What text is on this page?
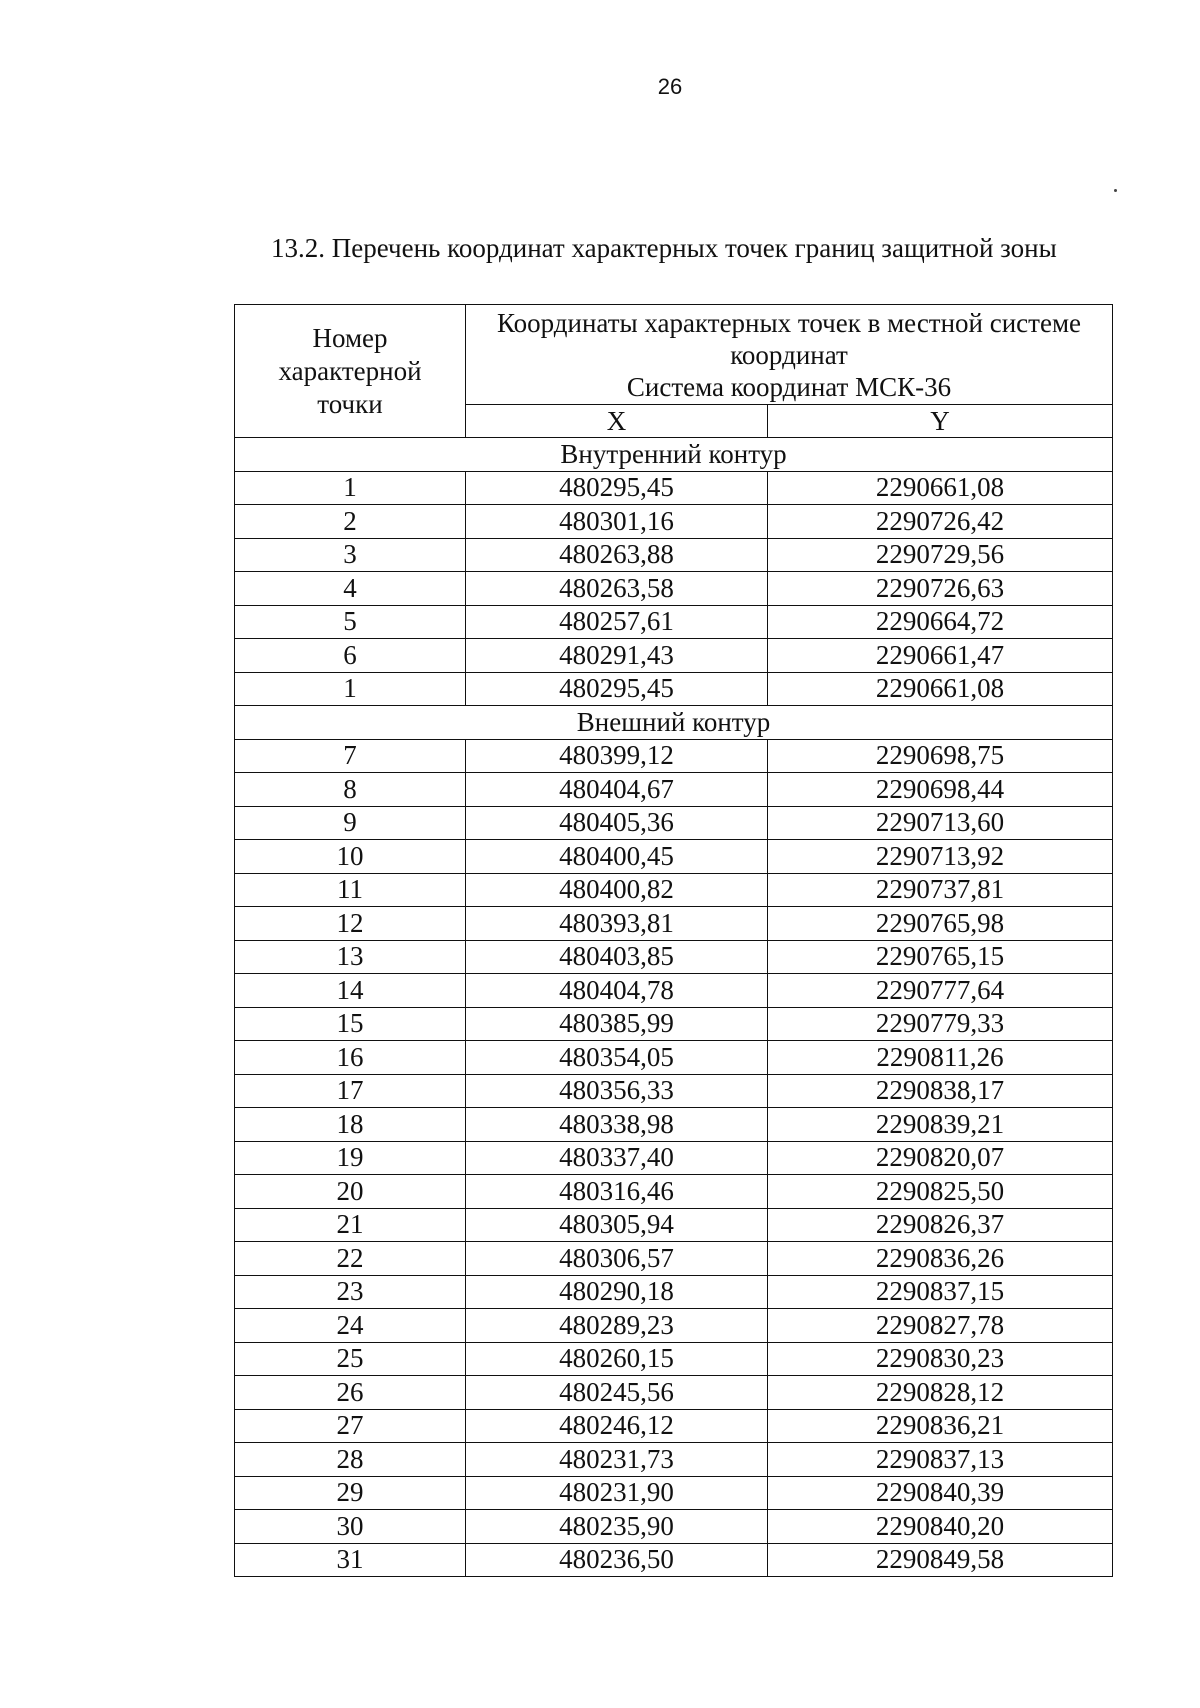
26
13.2. Перечень координат характерных точек границ защитной зоны
Номер
характерной
точки	Координаты характерных точек в местной системе
координат
Система координат МСК-36	

	X	Y
Внутренний контур		
1	480295,45	2290661,08
2	480301,16	2290726,42
3	480263,88	2290729,56
4	480263,58	2290726,63
5	480257,61	2290664,72
6	480291,43	2290661,47
1	480295,45	2290661,08
Внешний контур		
7	480399,12	2290698,75
8	480404,67	2290698,44
9	480405,36	2290713,60
10	480400,45	2290713,92
11	480400,82	2290737,81
12	480393,81	2290765,98
13	480403,85	2290765,15
14	480404,78	2290777,64
15	480385,99	2290779,33
16	480354,05	2290811,26
17	480356,33	2290838,17
18	480338,98	2290839,21
19	480337,40	2290820,07
20	480316,46	2290825,50
21	480305,94	2290826,37
22	480306,57	2290836,26
23	480290,18	2290837,15
24	480289,23	2290827,78
25	480260,15	2290830,23
26	480245,56	2290828,12
27	480246,12	2290836,21
28	480231,73	2290837,13
29	480231,90	2290840,39
30	480235,90	2290840,20
31	480236,50	2290849,58
